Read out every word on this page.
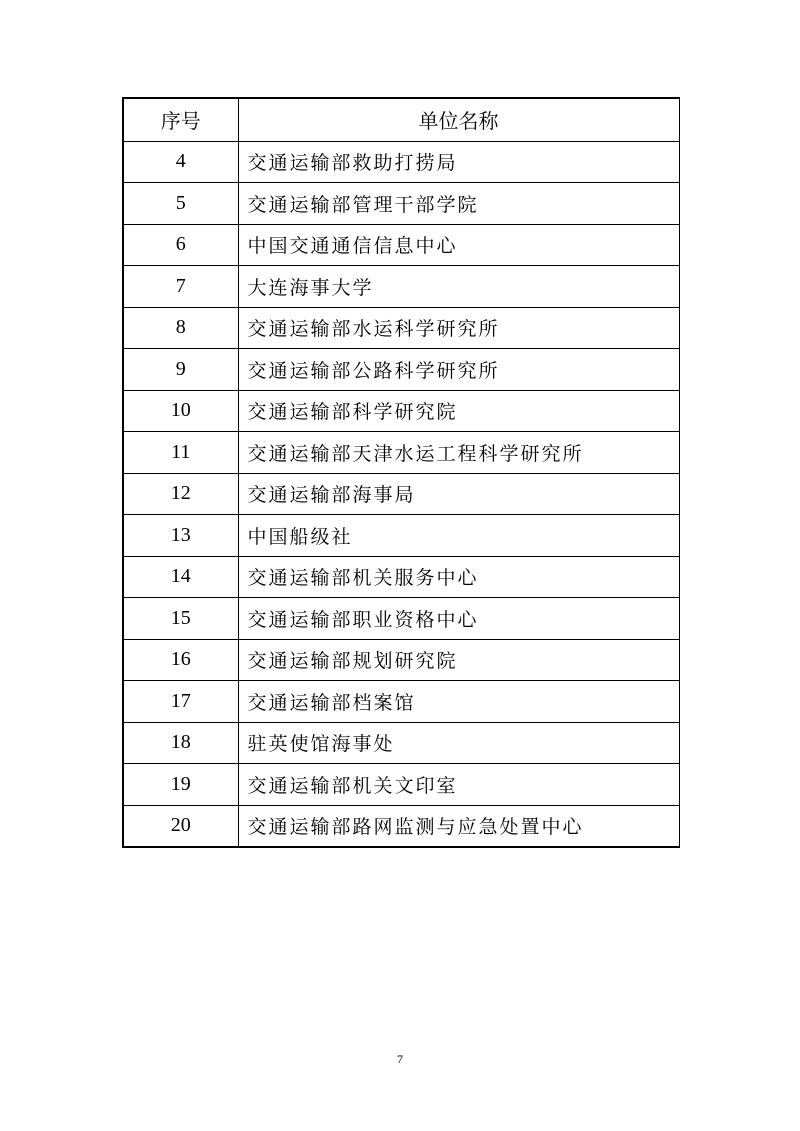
序号	单位名称
4	交通运输部救助打捞局
5	交通运输部管理干部学院
6	中国交通通信信息中心
7	大连海事大学
8	交通运输部水运科学研究所
9	交通运输部公路科学研究所
10	交通运输部科学研究院
11	交通运输部天津水运工程科学研究所
12	交通运输部海事局
13	中国船级社
14	交通运输部机关服务中心
15	交通运输部职业资格中心
16	交通运输部规划研究院
17	交通运输部档案馆
18	驻英使馆海事处
19	交通运输部机关文印室
20	交通运输部路网监测与应急处置中心
7
